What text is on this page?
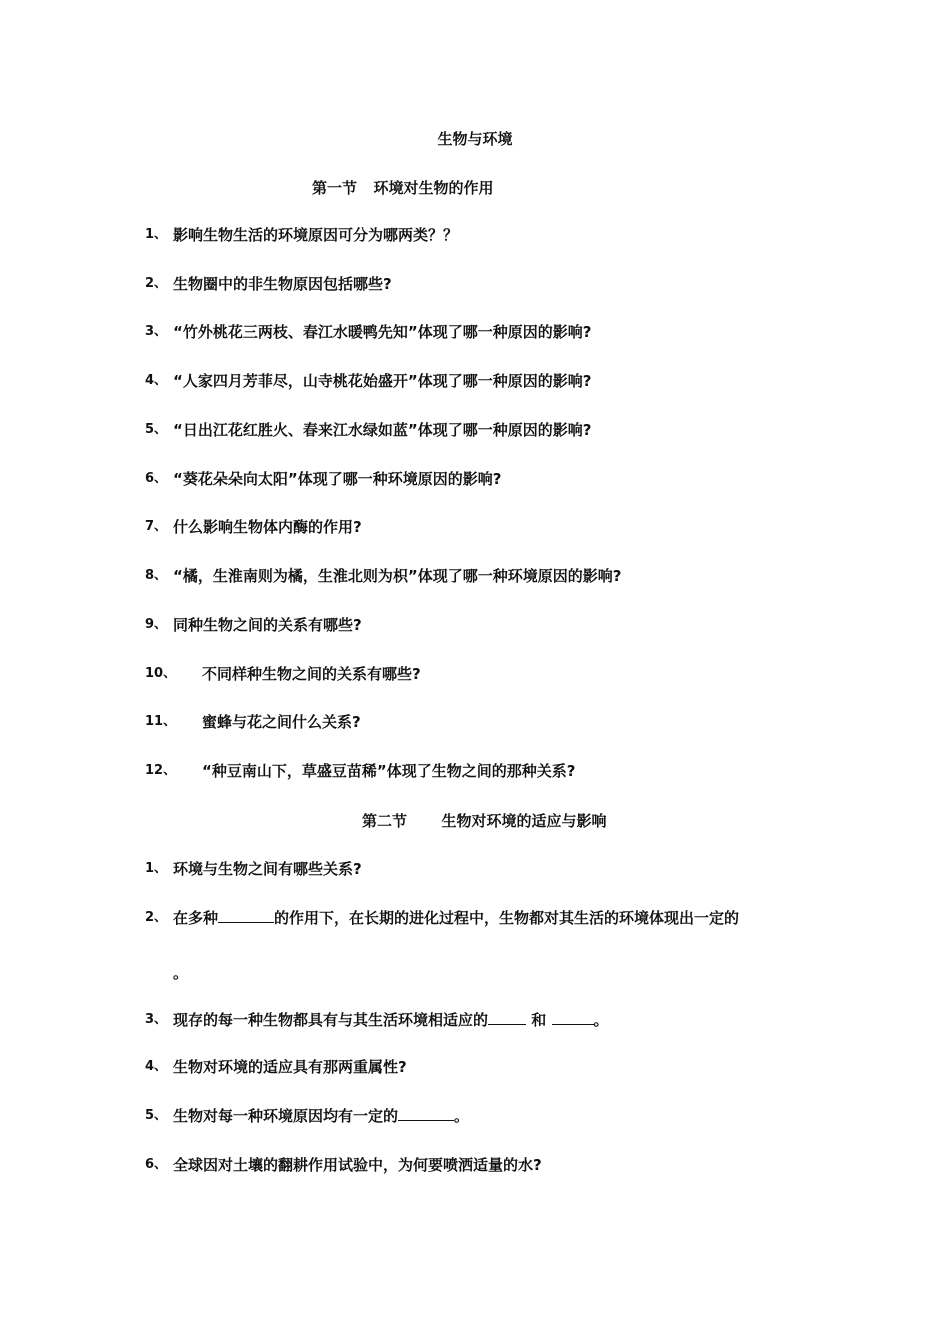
生物与环境
第一节 环境对生物的作用
1、 影响生物生活的环境原因可分为哪两类？？
2、 生物圈中的非生物原因包括哪些?
3、 “竹外桃花三两枝、春江水暖鸭先知”体现了哪一种原因的影响?
4、 “人家四月芳菲尽，山寺桃花始盛开”体现了哪一种原因的影响?
5、 “日出江花红胜火、春来江水绿如蓝”体现了哪一种原因的影响?
6、 “葵花朵朵向太阳”体现了哪一种环境原因的影响?
7、 什么影响生物体内酶的作用?
8、 “橘，生淮南则为橘，生淮北则为枳”体现了哪一种环境原因的影响?
9、 同种生物之间的关系有哪些?
10、 不同样种生物之间的关系有哪些?
11、 蜜蜂与花之间什么关系?
12、 “种豆南山下，草盛豆苗稀”体现了生物之间的那种关系?
第二节 生物对环境的适应与影响
1、 环境与生物之间有哪些关系?
2、 在多种	的作用下，在长期的进化过程中，生物都对其生活的环境体现出一定的
。
3、 现存的每一种生物都具有与其生活环境相适应的	和	。
4、 生物对环境的适应具有那两重属性?
5、 生物对每一种环境原因均有一定的	。
6、 全球因对土壤的翻耕作用试验中，为何要喷洒适量的水?
